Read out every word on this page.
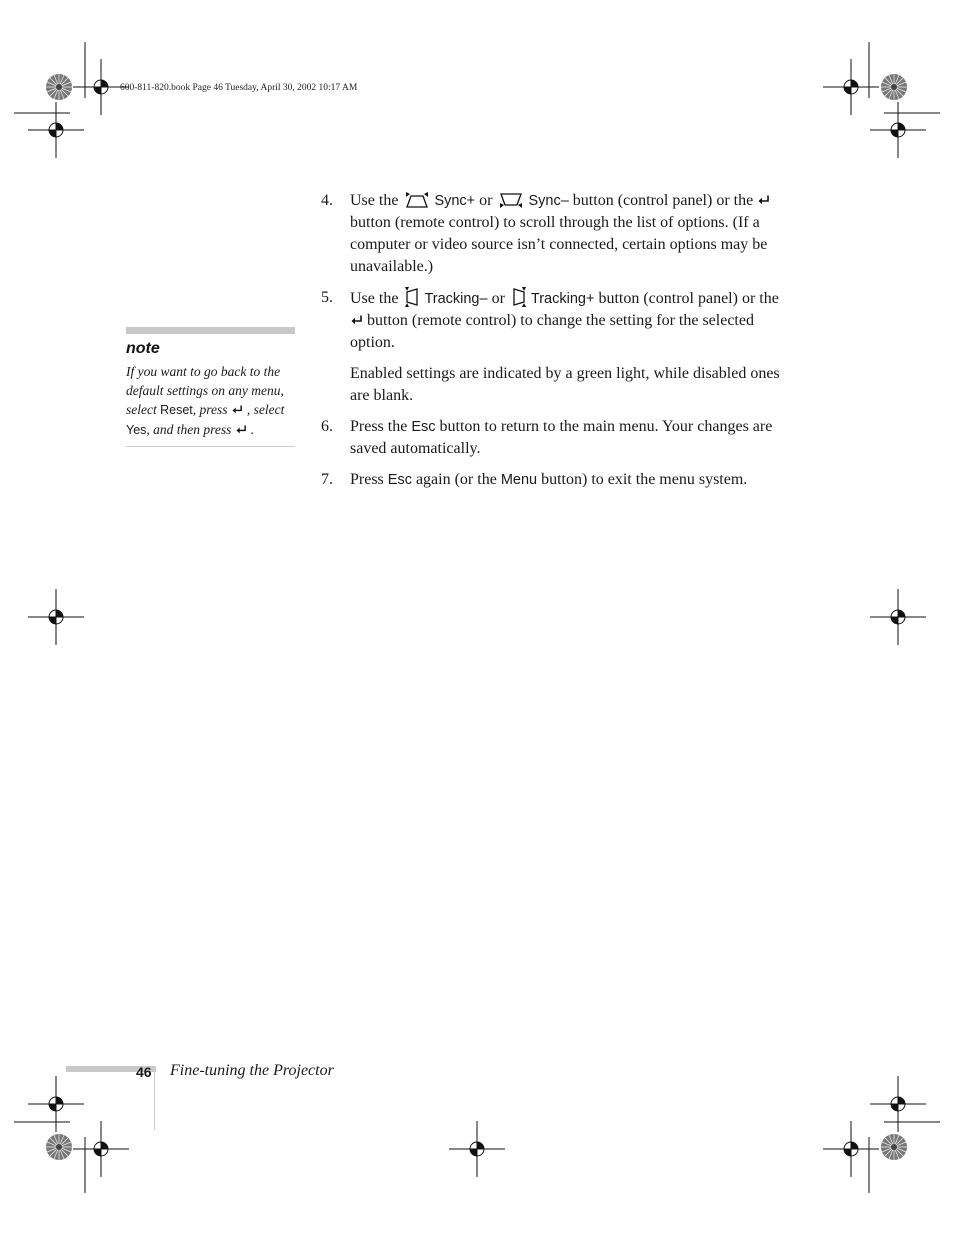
600-811-820.book Page 46 Tuesday, April 30, 2002 10:17 AM
4. Use the Sync+ or Sync– button (control panel) or the button (remote control) to scroll through the list of options. (If a computer or video source isn’t connected, certain options may be unavailable.)

5. Use the Tracking– or Tracking+ button (control panel) or the button (remote control) to change the setting for the selected option.

Enabled settings are indicated by a green light, while disabled ones are blank.

6. Press the Esc button to return to the main menu. Your changes are saved automatically.

7. Press Esc again (or the Menu button) to exit the menu system.

note
If you want to go back to the default settings on any menu, select Reset, press , select Yes, and then press .
46 Fine-tuning the Projector
